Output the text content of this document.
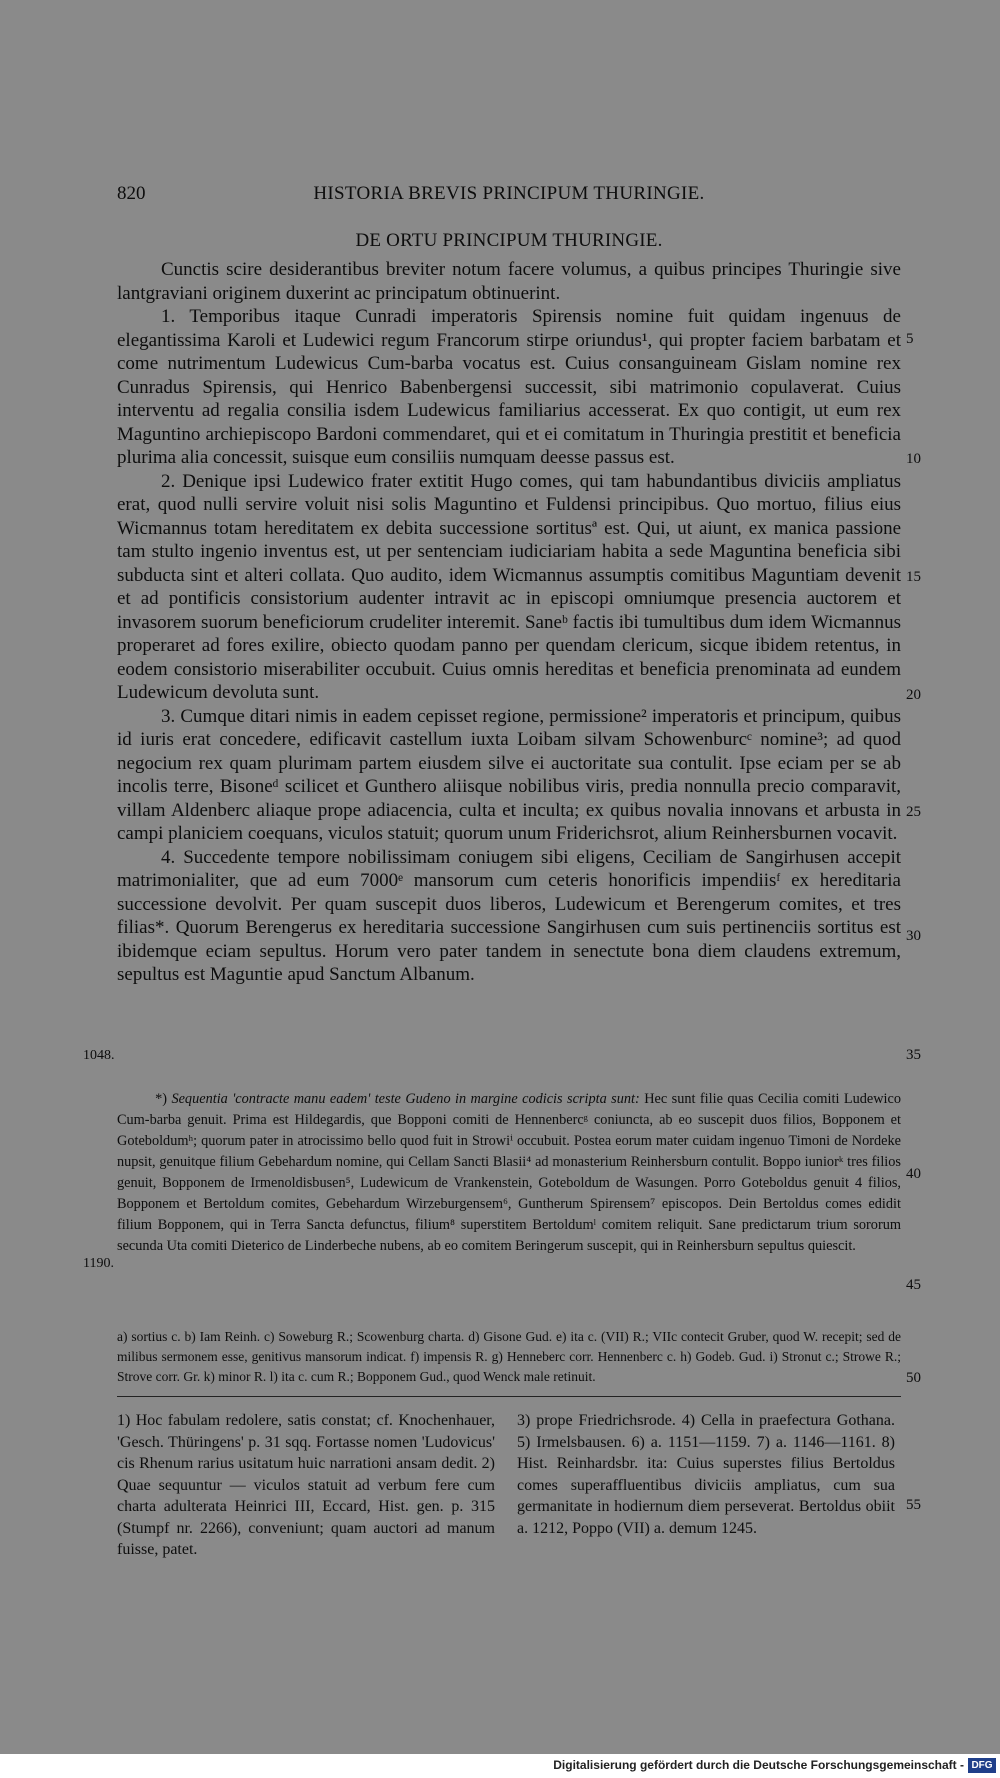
820	HISTORIA BREVIS PRINCIPUM THURINGIE.
DE ORTU PRINCIPUM THURINGIE.

Cunctis scire desiderantibus breviter notum facere volumus, a quibus principes Thuringie sive lantgraviani originem duxerint ac principatum obtinuerint.

1. Temporibus itaque Cunradi imperatoris Spirensis nomine fuit quidam ingenuus de elegantissima Karoli et Ludewici regum Francorum stirpe oriundus¹, qui propter faciem barbatam et come nutrimentum Ludewicus Cum-barba vocatus est. Cuius consanguineam Gislam nomine rex Cunradus Spirensis, qui Henrico Babenbergensi successit, sibi matrimonio copulaverat. Cuius interventu ad regalia consilia isdem Ludewicus familiarius accesserat. Ex quo contigit, ut eum rex Maguntino archiepiscopo Bardoni commendaret, qui et ei comitatum in Thuringia prestitit et beneficia plurima alia concessit, suisque eum consiliis numquam deesse passus est.

2. Denique ipsi Ludewico frater extitit Hugo comes, qui tam habundantibus diviciis ampliatus erat, quod nulli servire voluit nisi solis Maguntino et Fuldensi principibus. Quo mortuo, filius eius Wicmannus totam hereditatem ex debita successione sortitusª est. Qui, ut aiunt, ex manica passione tam stulto ingenio inventus est, ut per sentenciam iudiciariam habita a sede Maguntina beneficia sibi subducta sint et alteri collata. Quo audito, idem Wicmannus assumptis comitibus Maguntiam devenit et ad pontificis consistorium audenter intravit ac in episcopi omniumque presencia auctorem et invasorem suorum beneficiorum crudeliter interemit. Saneᵇ factis ibi tumultibus dum idem Wicmannus properaret ad fores exilire, obiecto quodam panno per quendam clericum, sicque ibidem retentus, in eodem consistorio miserabiliter occubuit. Cuius omnis hereditas et beneficia prenominata ad eundem Ludewicum devoluta sunt.

3. Cumque ditari nimis in eadem cepisset regione, permissione² imperatoris et principum, quibus id iuris erat concedere, edificavit castellum iuxta Loibam silvam Schowenburcᶜ nomine³; ad quod negocium rex quam plurimam partem eiusdem silve ei auctoritate sua contulit. Ipse eciam per se ab incolis terre, Bisoneᵈ scilicet et Gunthero aliisque nobilibus viris, predia nonnulla precio comparavit, villam Aldenberc aliaque prope adiacencia, culta et inculta; ex quibus novalia innovans et arbusta in campi planiciem coequans, viculos statuit; quorum unum Friderichsrot, alium Reinhersburnen vocavit.

4. Succedente tempore nobilissimam coniugem sibi eligens, Ceciliam de Sangirhusen accepit matrimonialiter, que ad eum 7000ᵉ mansorum cum ceteris honorificis impendiisᶠ ex hereditaria successione devolvit. Per quam suscepit duos liberos, Ludewicum et Berengerum comites, et tres filias*. Quorum Berengerus ex hereditaria successione Sangirhusen cum suis pertinenciis sortitus est ibidemque eciam sepultus. Horum vero pater tandem in senectute bona diem claudens extremum, sepultus est Maguntie apud Sanctum Albanum.

5
10
15
20
25
30
35
40
45
50
55
1048.
1190.

*) Sequentia 'contracte manu eadem' teste Gudeno in margine codicis scripta sunt: Hec sunt filie quas Cecilia comiti Ludewico Cum-barba genuit. Prima est Hildegardis, que Bopponi comiti de Hennenbercᵍ coniuncta, ab eo suscepit duos filios, Bopponem et Goteboldumʰ; quorum pater in atrocissimo bello quod fuit in Strowiⁱ occubuit. Postea eorum mater cuidam ingenuo Timoni de Nordeke nupsit, genuitque filium Gebehardum nomine, qui Cellam Sancti Blasii⁴ ad monasterium Reinhersburn contulit. Boppo iuniorᵏ tres filios genuit, Bopponem de Irmenoldisbusen⁵, Ludewicum de Vrankenstein, Goteboldum de Wasungen. Porro Goteboldus genuit 4 filios, Bopponem et Bertoldum comites, Gebehardum Wirzeburgensem⁶, Guntherum Spirensem⁷ episcopos. Dein Bertoldus comes edidit filium Bopponem, qui in Terra Sancta defunctus, filium⁸ superstitem Bertoldumˡ comitem reliquit. Sane predictarum trium sororum secunda Uta comiti Dieterico de Linderbeche nubens, ab eo comitem Beringerum suscepit, qui in Reinhersburn sepultus quiescit.

a) sortius c. b) Iam Reinh. c) Soweburg R.; Scowenburg charta. d) Gisone Gud. e) ita c. (VII) R.; VIIc contecit Gruber, quod W. recepit; sed de milibus sermonem esse, genitivus mansorum indicat. f) impensis R. g) Henneberc corr. Hennenberc c. h) Godeb. Gud. i) Stronut c.; Strowe R.; Strove corr. Gr. k) minor R. l) ita c. cum R.; Bopponem Gud., quod Wenck male retinuit.

1) Hoc fabulam redolere, satis constat; cf. Knochenhauer, 'Gesch. Thüringens' p. 31 sqq. Fortasse nomen 'Ludovicus' cis Rhenum rarius usitatum huic narrationi ansam dedit. 2) Quae sequuntur — viculos statuit ad verbum fere cum charta adulterata Heinrici III, Eccard, Hist. gen. p. 315 (Stumpf nr. 2266), conveniunt; quam auctori ad manum fuisse, patet.

3) prope Friedrichsrode. 4) Cella in praefectura Gothana. 5) Irmelsbausen. 6) a. 1151—1159. 7) a. 1146—1161. 8) Hist. Reinhardsbr. ita: Cuius superstes filius Bertoldus comes superaffluentibus diviciis ampliatus, cum sua germanitate in hodiernum diem perseverat. Bertoldus obiit a. 1212, Poppo (VII) a. demum 1245.

Digitalisierung gefördert durch die Deutsche Forschungsgemeinschaft - DFG
